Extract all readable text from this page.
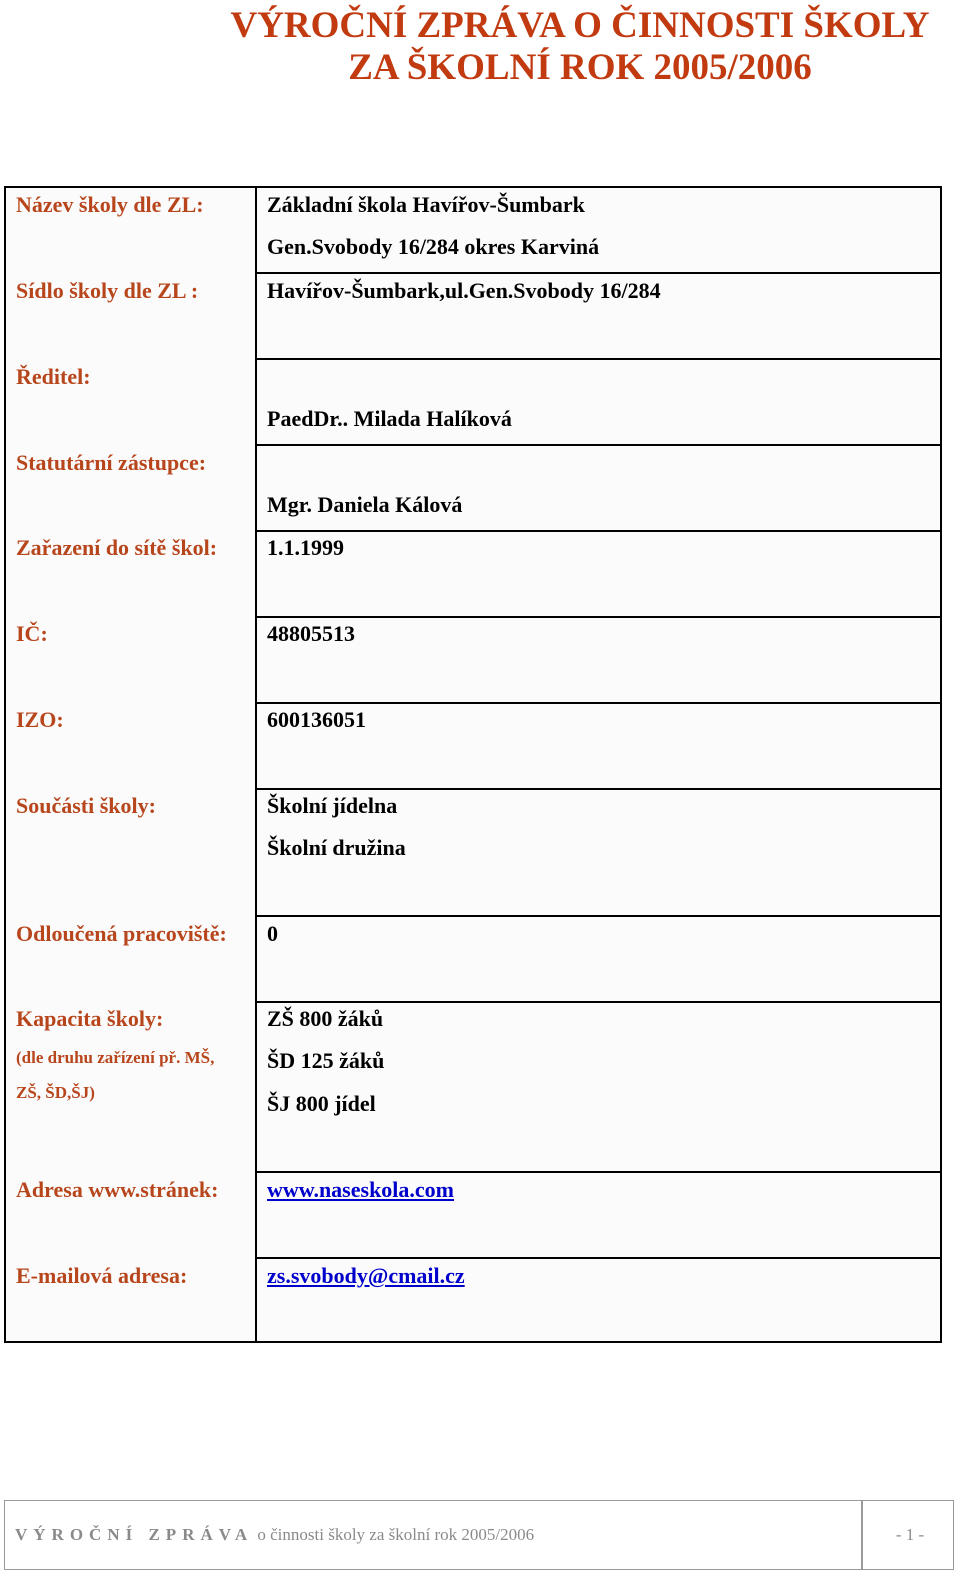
VÝROČNÍ ZPRÁVA O ČINNOSTI ŠKOLY
ZA ŠKOLNÍ ROK 2005/2006
Název školy dle ZL:	Základní škola Havířov-Šumbark
Gen.Svobody 16/284 okres Karviná
Sídlo školy dle ZL :	Havířov-Šumbark,ul.Gen.Svobody 16/284
Ředitel:
PaedDr.. Milada Halíková
Statutární zástupce:
Mgr. Daniela Kálová
Zařazení do sítě škol: 1.1.1999
IČ:	48805513
IZO:	600136051
Součásti školy:	Školní jídelna
Školní družina
Odloučená pracoviště: 0
Kapacita školy:
(dle druhu zařízení př. MŠ,
ZŠ, ŠD,ŠJ)
ZŠ 800 žáků
ŠD 125 žáků
ŠJ 800 jídel
Adresa www.stránek: www.naseskola.com
E-mailová adresa:	zs.svobody@cmail.cz
VÝROČNÍ ZPRÁVA o činnosti školy za školní rok 2005/2006	- 1 -
